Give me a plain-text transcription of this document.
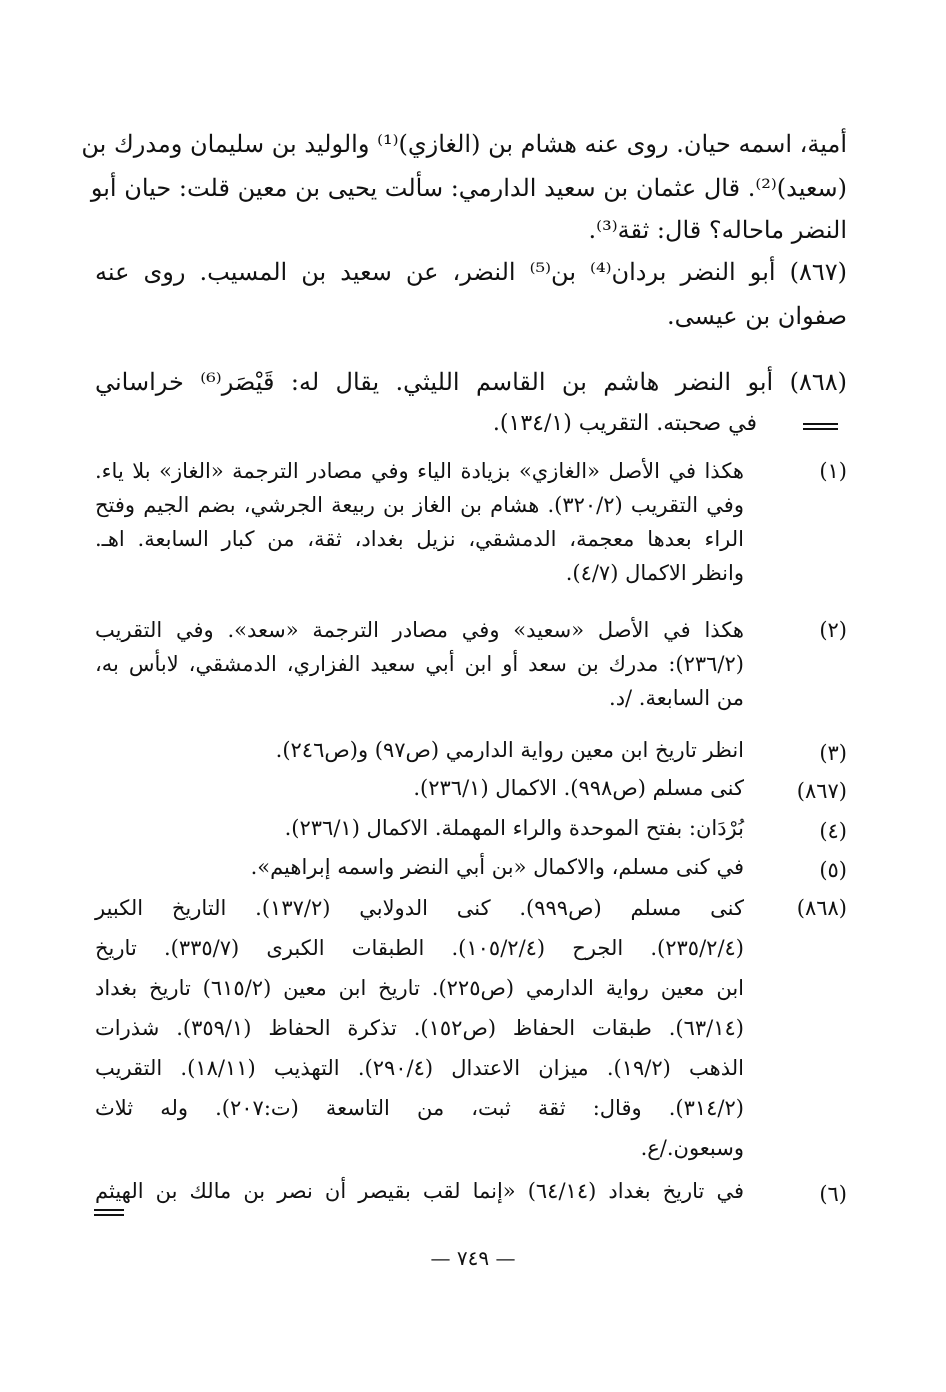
أمية، اسمه حيان. روى عنه هشام بن (الغازي)⁽¹⁾ والوليد بن سليمان ومدرك بن
(سعيد)⁽²⁾. قال عثمان بن سعيد الدارمي: سألت يحيى بن معين قلت: حيان أبو
النضر ماحاله؟ قال: ثقة⁽³⁾.
(٨٦٧) أبو النضر بردان⁽⁴⁾ بن⁽⁵⁾ النضر، عن سعيد بن المسيب. روى عنه
صفوان بن عيسى.
(٨٦٨) أبو النضر هاشم بن القاسم الليثي. يقال له: قَيْصَر⁽⁶⁾ خراساني
في صحبته. التقريب (١٣٤/١).
(١)
هكذا في الأصل «الغازي» بزيادة الياء وفي مصادر الترجمة «الغاز» بلا ياء.
وفي التقريب (٣٢٠/٢). هشام بن الغاز بن ربيعة الجرشي، بضم الجيم وفتح
الراء بعدها معجمة، الدمشقي، نزيل بغداد، ثقة، من كبار السابعة. اهـ.
وانظر الاكمال (٤/٧).
(٢)
هكذا في الأصل «سعيد» وفي مصادر الترجمة «سعد». وفي التقريب
(٢٣٦/٢): مدرك بن سعد أو ابن أبي سعيد الفزاري، الدمشقي، لابأس به،
من السابعة. /د.
(٣)
انظر تاريخ ابن معين رواية الدارمي (ص٩٧) و(ص٢٤٦).
(٨٦٧)
كنى مسلم (ص٩٩٨). الاكمال (٢٣٦/١).
(٤)
بُرْدَان: بفتح الموحدة والراء المهملة. الاكمال (٢٣٦/١).
(٥)
في كنى مسلم، والاكمال «بن أبي النضر واسمه إبراهيم».
(٨٦٨)
كنى مسلم (ص٩٩٩). كنى الدولابي (١٣٧/٢). التاريخ الكبير
(٢٣٥/٢/٤). الجرح (١٠٥/٢/٤). الطبقات الكبرى (٣٣٥/٧). تاريخ
ابن معين رواية الدارمي (ص٢٢٥). تاريخ ابن معين (٦١٥/٢) تاريخ بغداد
(٦٣/١٤). طبقات الحفاظ (ص١٥٢). تذكرة الحفاظ (٣٥٩/١). شذرات
الذهب (١٩/٢). ميزان الاعتدال (٢٩٠/٤). التهذيب (١٨/١١). التقريب
(٣١٤/٢). وقال: ثقة ثبت، من التاسعة (ت:٢٠٧). وله ثلاث
وسبعون./ع.
(٦)
في تاريخ بغداد (٦٤/١٤) «إنما لقب بقيصر أن نصر بن مالك بن الهيثم
— ٧٤٩ —
